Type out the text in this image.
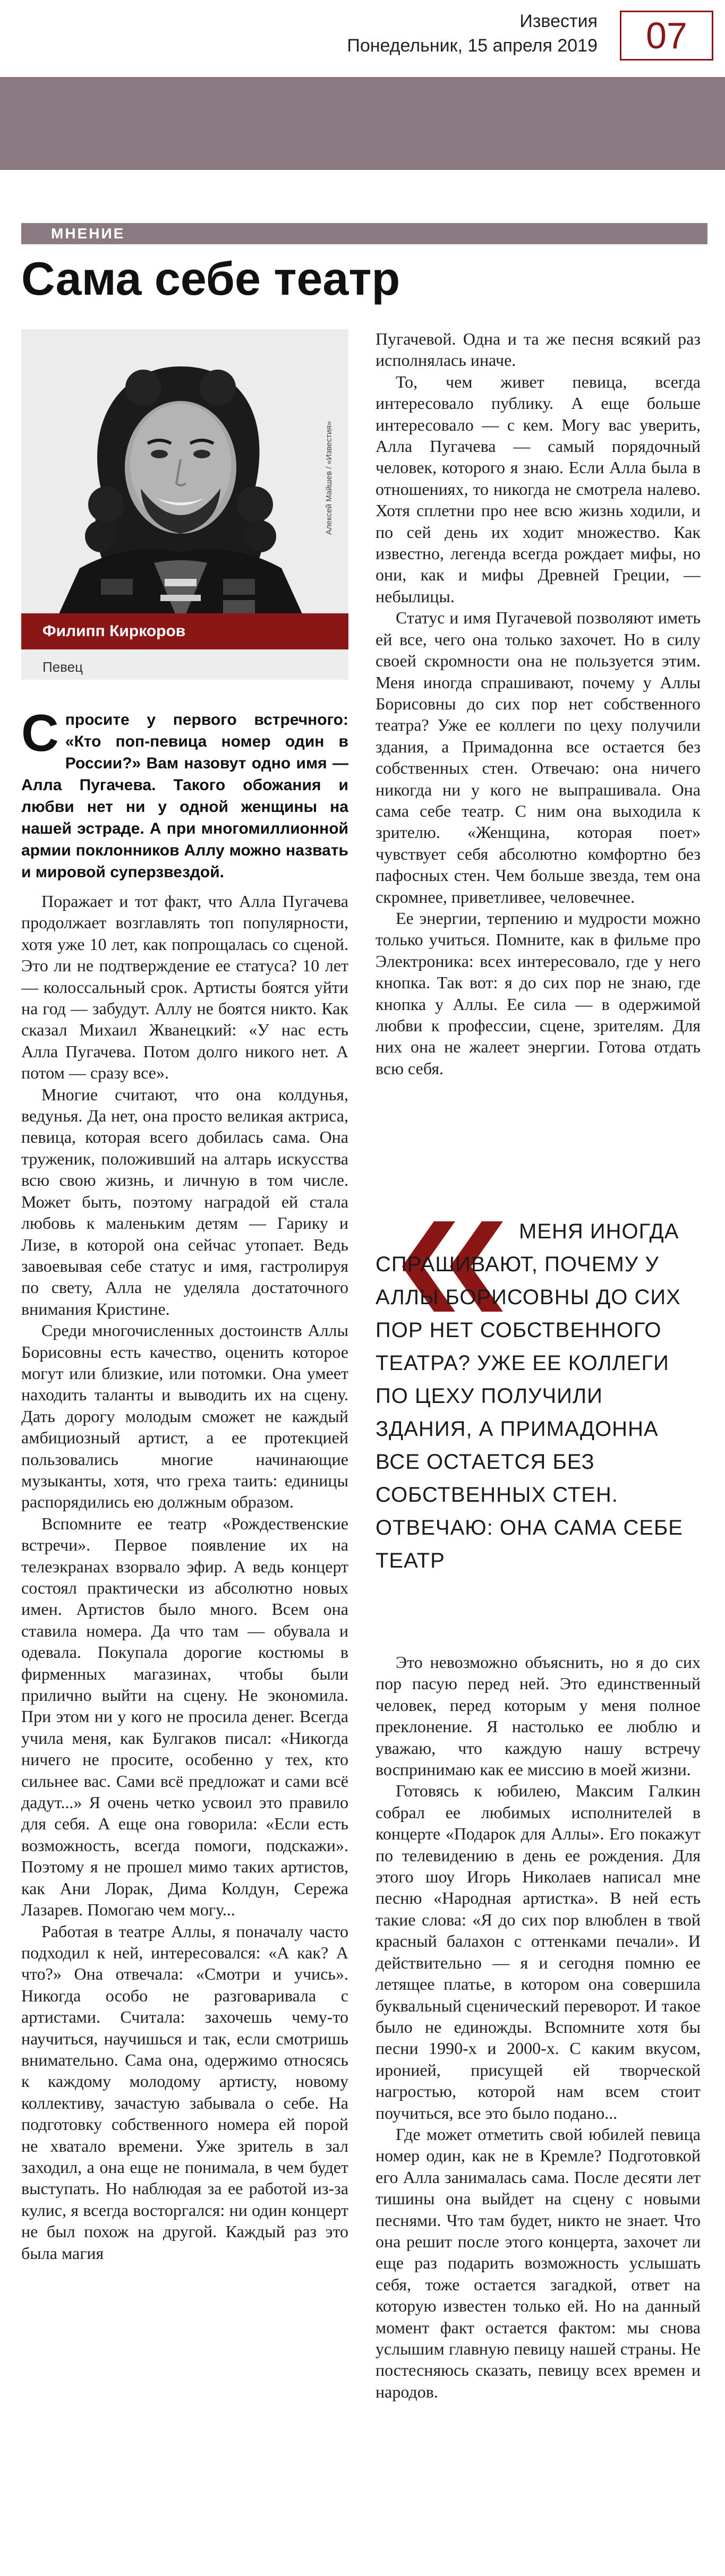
Известия
Понедельник, 15 апреля 2019	07
МНЕНИЕ
Сама себе театр
Алексей Майшев / «Известия»
Филипп Киркоров
Певец
Спросите у первого встречного: «Кто поп-певица номер один в России?» Вам назовут одно имя — Алла Пугачева. Такого обожания и любви нет ни у одной женщины на нашей эстраде. А при многомиллионной армии поклонников Аллу можно назвать и мировой суперзвездой.

Поражает и тот факт, что Алла Пугачева продолжает возглавлять топ популярности, хотя уже 10 лет, как попрощалась со сценой. Это ли не подтверждение ее статуса? 10 лет — колоссальный срок. Артисты боятся уйти на год — забудут. Аллу не боятся никто. Как сказал Михаил Жванецкий: «У нас есть Алла Пугачева. Потом долго никого нет. А потом — сразу все».

Многие считают, что она колдунья, ведунья. Да нет, она просто великая актриса, певица, которая всего добилась сама. Она труженик, положивший на алтарь искусства всю свою жизнь, и личную в том числе. Может быть, поэтому наградой ей стала любовь к маленьким детям — Гарику и Лизе, в которой она сейчас утопает. Ведь завоевывая себе статус и имя, гастролируя по свету, Алла не уделяла достаточного внимания Кристине.

Среди многочисленных достоинств Аллы Борисовны есть качество, оценить которое могут или близкие, или потомки. Она умеет находить таланты и выводить их на сцену. Дать дорогу молодым сможет не каждый амбициозный артист, а ее протекцией пользовались многие начинающие музыканты, хотя, что греха таить: единицы распорядились ею должным образом.

Вспомните ее театр «Рождественские встречи». Первое появление их на телеэкранах взорвало эфир. А ведь концерт состоял практически из абсолютно новых имен. Артистов было много. Всем она ставила номера. Да что там — обувала и одевала. Покупала дорогие костюмы в фирменных магазинах, чтобы были прилично выйти на сцену. Не экономила. При этом ни у кого не просила денег. Всегда учила меня, как Булгаков писал: «Никогда ничего не просите, особенно у тех, кто сильнее вас. Сами всё предложат и сами всё дадут...» Я очень четко усвоил это правило для себя. А еще она говорила: «Если есть возможность, всегда помоги, подскажи». Поэтому я не прошел мимо таких артистов, как Ани Лорак, Дима Колдун, Сережа Лазарев. Помогаю чем могу...

Работая в театре Аллы, я поначалу часто подходил к ней, интересовался: «А как? А что?» Она отвечала: «Смотри и учись». Никогда особо не разговаривала с артистами. Считала: захочешь чему-то научиться, научишься и так, если смотришь внимательно. Сама она, одержимо относясь к каждому молодому артисту, новому коллективу, зачастую забывала о себе. На подготовку собственного номера ей порой не хватало времени. Уже зритель в зал заходил, а она еще не понимала, в чем будет выступать. Но наблюдая за ее работой из-за кулис, я всегда восторгался: ни один концерт не был похож на другой. Каждый раз это была магия

Пугачевой. Одна и та же песня всякий раз исполнялась иначе.

То, чем живет певица, всегда интересовало публику. А еще больше интересовало — с кем. Могу вас уверить, Алла Пугачева — самый порядочный человек, которого я знаю. Если Алла была в отношениях, то никогда не смотрела налево. Хотя сплетни про нее всю жизнь ходили, и по сей день их ходит множество. Как известно, легенда всегда рождает мифы, но они, как и мифы Древней Греции, — небылицы.

Статус и имя Пугачевой позволяют иметь ей все, чего она только захочет. Но в силу своей скромности она не пользуется этим. Меня иногда спрашивают, почему у Аллы Борисовны до сих пор нет собственного театра? Уже ее коллеги по цеху получили здания, а Примадонна все остается без собственных стен. Отвечаю: она ничего никогда ни у кого не выпрашивала. Она сама себе театр. С ним она выходила к зрителю. «Женщина, которая поет» чувствует себя абсолютно комфортно без пафосных стен. Чем больше звезда, тем она скромнее, приветливее, человечнее.

Ее энергии, терпению и мудрости можно только учиться. Помните, как в фильме про Электроника: всех интересовало, где у него кнопка. Так вот: я до сих пор не знаю, где кнопка у Аллы. Ее сила — в одержимой любви к профессии, сцене, зрителям. Для них она не жалеет энергии. Готова отдать всю себя.

МЕНЯ ИНОГДА СПРАШИВАЮТ, ПОЧЕМУ У АЛЛЫ БОРИСОВНЫ ДО СИХ ПОР НЕТ СОБСТВЕННОГО ТЕАТРА? УЖЕ ЕЕ КОЛЛЕГИ ПО ЦЕХУ ПОЛУЧИЛИ ЗДАНИЯ, А ПРИМАДОННА ВСЕ ОСТАЕТСЯ БЕЗ СОБСТВЕННЫХ СТЕН. ОТВЕЧАЮ: ОНА САМА СЕБЕ ТЕАТР

Это невозможно объяснить, но я до сих пор пасую перед ней. Это единственный человек, перед которым у меня полное преклонение. Я настолько ее люблю и уважаю, что каждую нашу встречу воспринимаю как ее миссию в моей жизни.

Готовясь к юбилею, Максим Галкин собрал ее любимых исполнителей в концерте «Подарок для Аллы». Его покажут по телевидению в день ее рождения. Для этого шоу Игорь Николаев написал мне песню «Народная артистка». В ней есть такие слова: «Я до сих пор влюблен в твой красный балахон с оттенками печали». И действительно — я и сегодня помню ее летящее платье, в котором она совершила буквальный сценический переворот. И такое было не единожды. Вспомните хотя бы песни 1990-х и 2000-х. С каким вкусом, иронией, присущей ей творческой нагростью, которой нам всем стоит поучиться, все это было подано...

Где может отметить свой юбилей певица номер один, как не в Кремле? Подготовкой его Алла занималась сама. После десяти лет тишины она выйдет на сцену с новыми песнями. Что там будет, никто не знает. Что она решит после этого концерта, захочет ли еще раз подарить возможность услышать себя, тоже остается загадкой, ответ на которую известен только ей. Но на данный момент факт остается фактом: мы снова услышим главную певицу нашей страны. Не постесняюсь сказать, певицу всех времен и народов.
